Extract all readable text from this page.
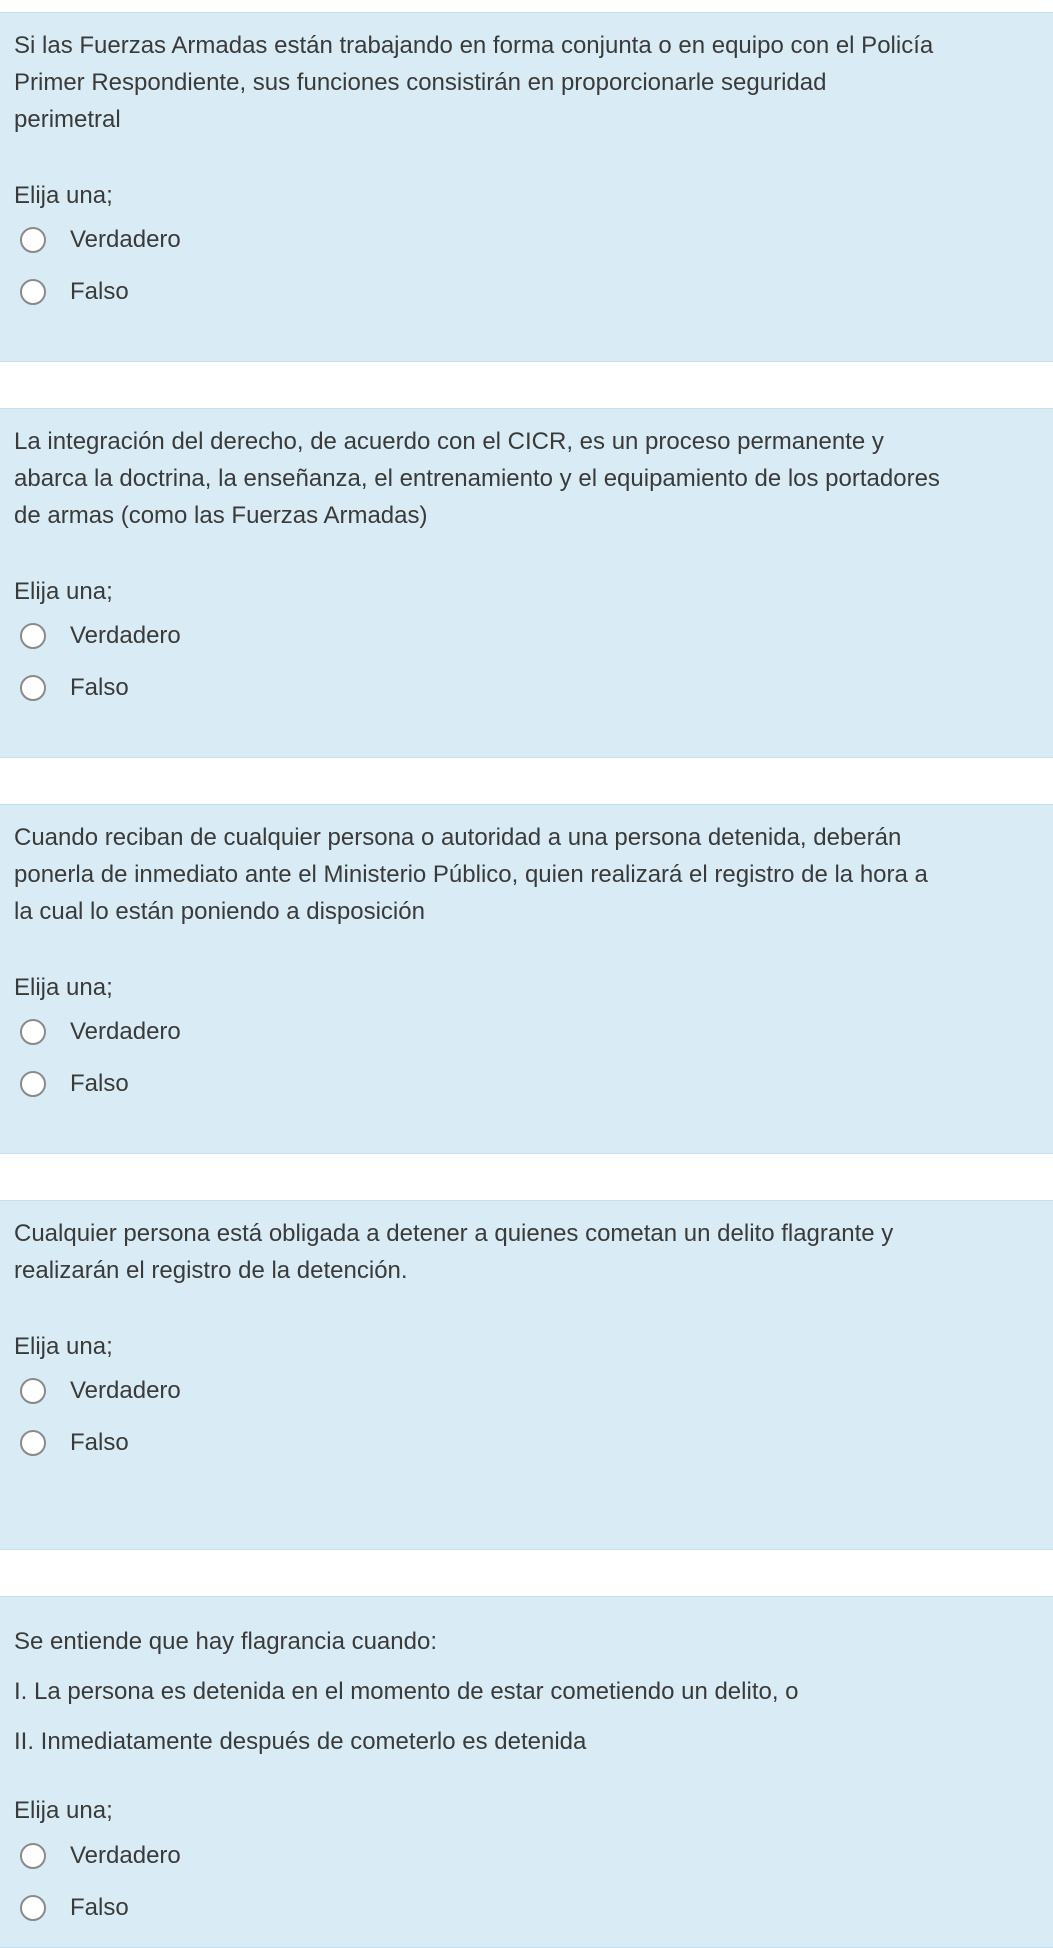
Si las Fuerzas Armadas están trabajando en forma conjunta o en equipo con el Policía

Primer Respondiente, sus funciones consistirán en proporcionarle seguridad

perimetral

Elija una;
Verdadero
Falso

La integración del derecho, de acuerdo con el CICR, es un proceso permanente y

abarca la doctrina, la enseñanza, el entrenamiento y el equipamiento de los portadores

de armas (como las Fuerzas Armadas)

Elija una;
Verdadero
Falso

Cuando reciban de cualquier persona o autoridad a una persona detenida, deberán

ponerla de inmediato ante el Ministerio Público, quien realizará el registro de la hora a

la cual lo están poniendo a disposición

Elija una;
Verdadero
Falso

Cualquier persona está obligada a detener a quienes cometan un delito flagrante y

realizarán el registro de la detención.

Elija una;
Verdadero
Falso
Se entiende que hay flagrancia cuando:
I. La persona es detenida en el momento de estar cometiendo un delito, o
II. Inmediatamente después de cometerlo es detenida
Elija una;
Verdadero
Falso
